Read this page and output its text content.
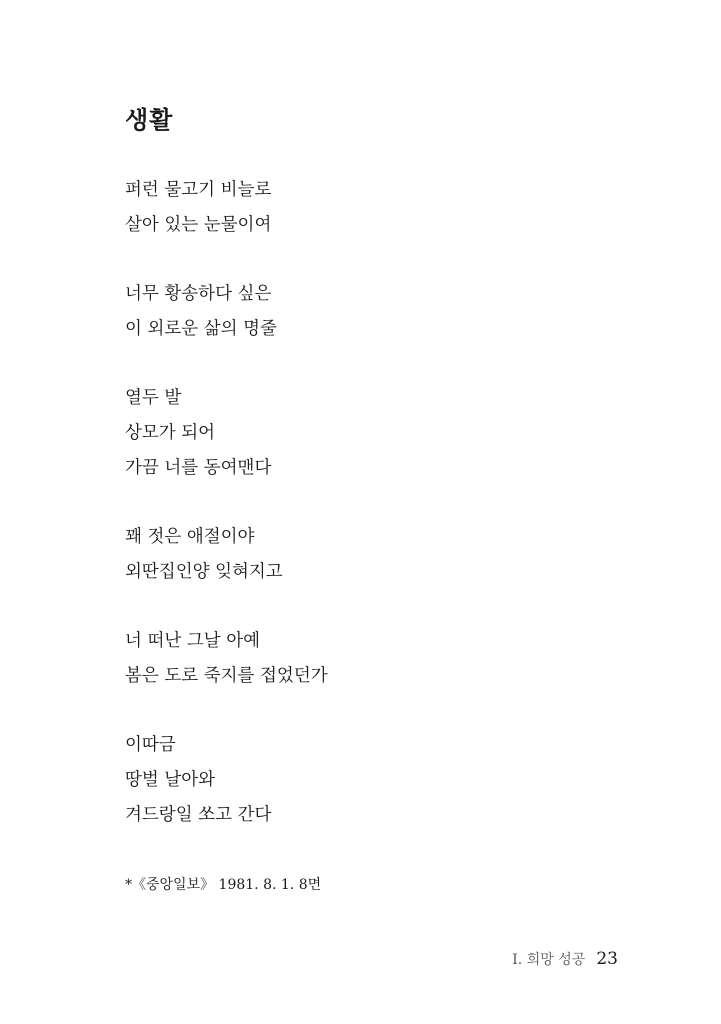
생활
퍼런 물고기 비늘로
살아 있는 눈물이여
너무 황송하다 싶은
이 외로운 삶의 명줄
열두 발
상모가 되어
가끔 너를 동여맨다
꽤 젓은 애절이야
외딴집인양 잊혀지고
너 떠난 그날 아예
봄은 도로 죽지를 접었던가
이따금
땅벌 날아와
겨드랑일 쏘고 간다
*《중앙일보》 1981. 8. 1. 8면
I. 희망 성공 23
